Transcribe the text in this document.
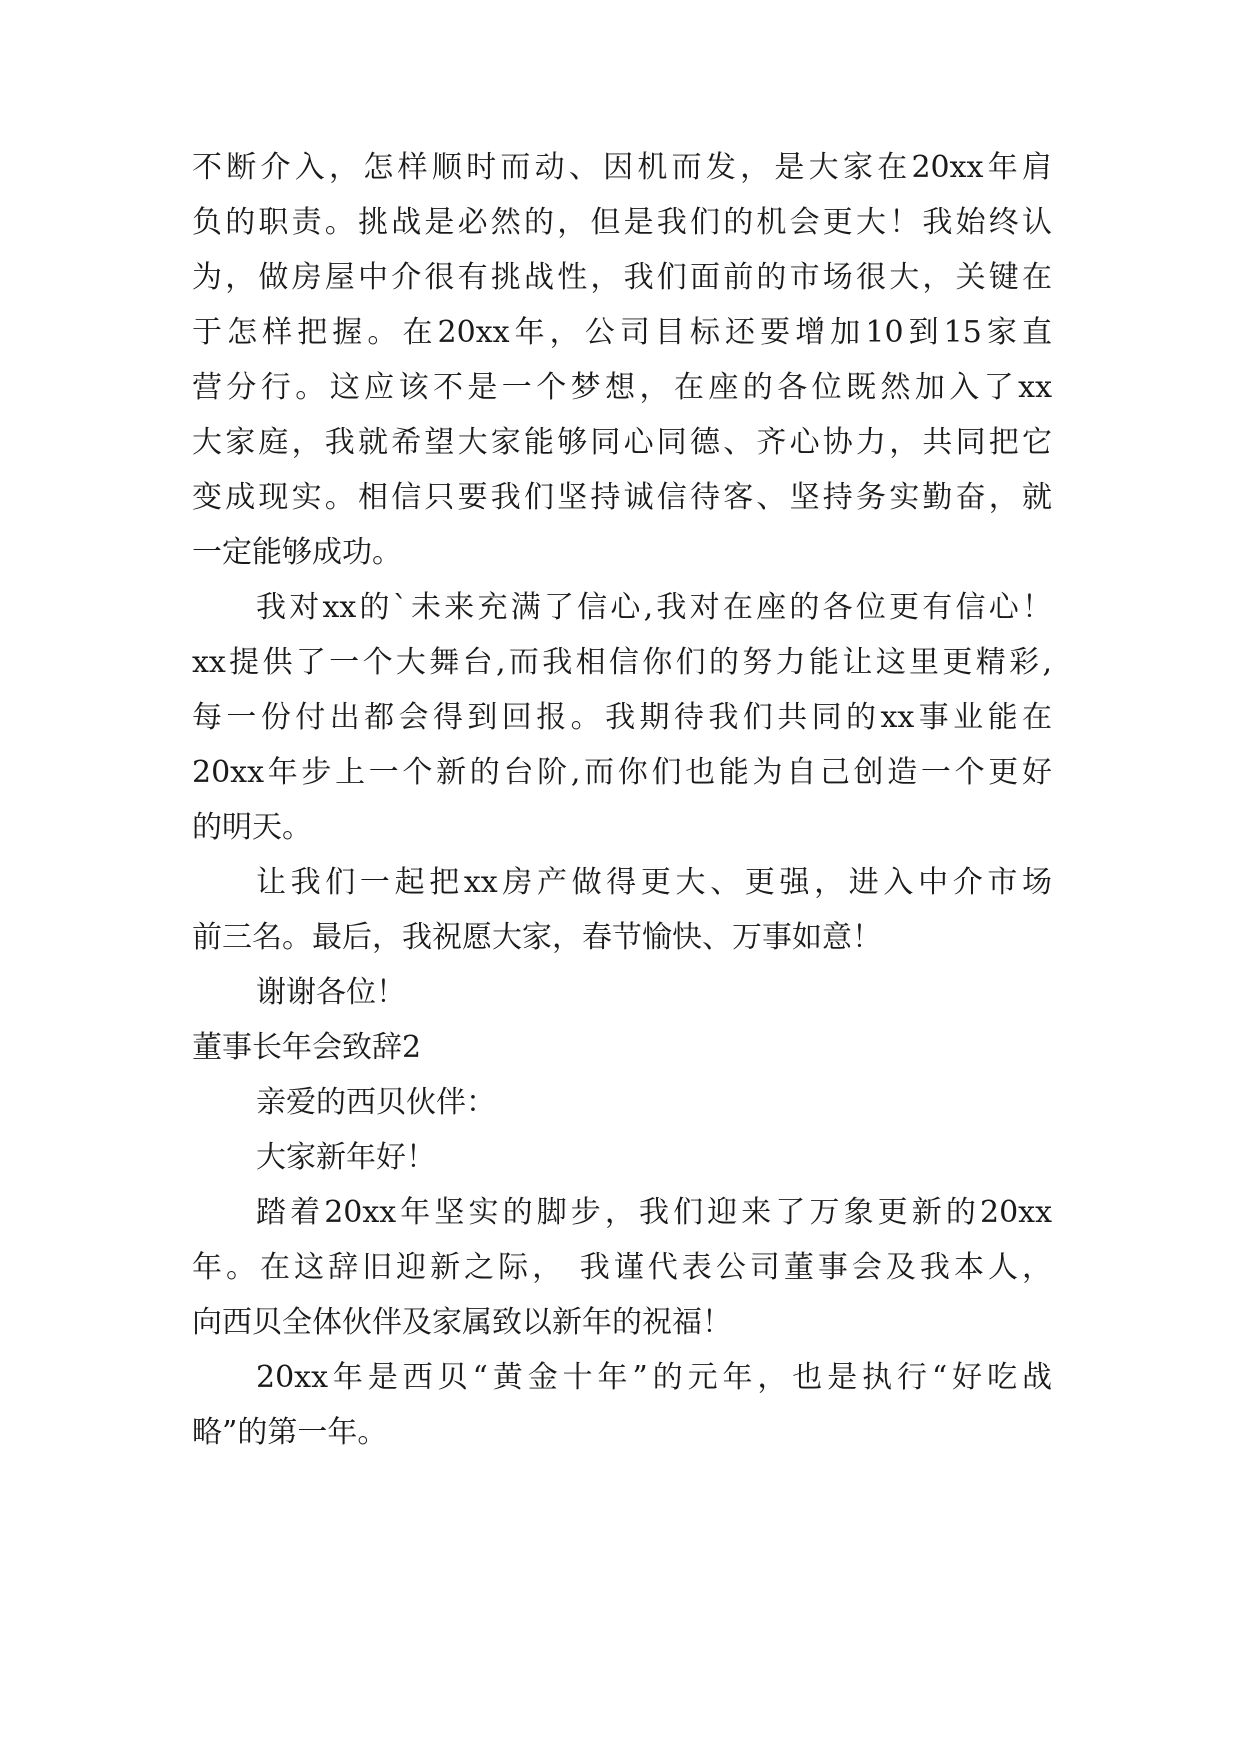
不断介入，怎样顺时而动、因机而发，是大家在20xx年肩
负的职责。挑战是必然的，但是我们的机会更大！我始终认
为，做房屋中介很有挑战性，我们面前的市场很大，关键在
于怎样把握。在20xx年，公司目标还要增加10到15家直
营分行。这应该不是一个梦想，在座的各位既然加入了xx
大家庭，我就希望大家能够同心同德、齐心协力，共同把它
变成现实。相信只要我们坚持诚信待客、坚持务实勤奋，就
一定能够成功。
我对xx的`未来充满了信心,我对在座的各位更有信心！
xx提供了一个大舞台,而我相信你们的努力能让这里更精彩,
每一份付出都会得到回报。我期待我们共同的xx事业能在
20xx年步上一个新的台阶,而你们也能为自己创造一个更好
的明天。
让我们一起把xx房产做得更大、更强，进入中介市场
前三名。最后，我祝愿大家，春节愉快、万事如意！
谢谢各位！
董事长年会致辞2
亲爱的西贝伙伴：
大家新年好！
踏着20xx年坚实的脚步，我们迎来了万象更新的20xx
年。在这辞旧迎新之际， 我谨代表公司董事会及我本人，
向西贝全体伙伴及家属致以新年的祝福！
20xx年是西贝“黄金十年”的元年，也是执行“好吃战
略”的第一年。
